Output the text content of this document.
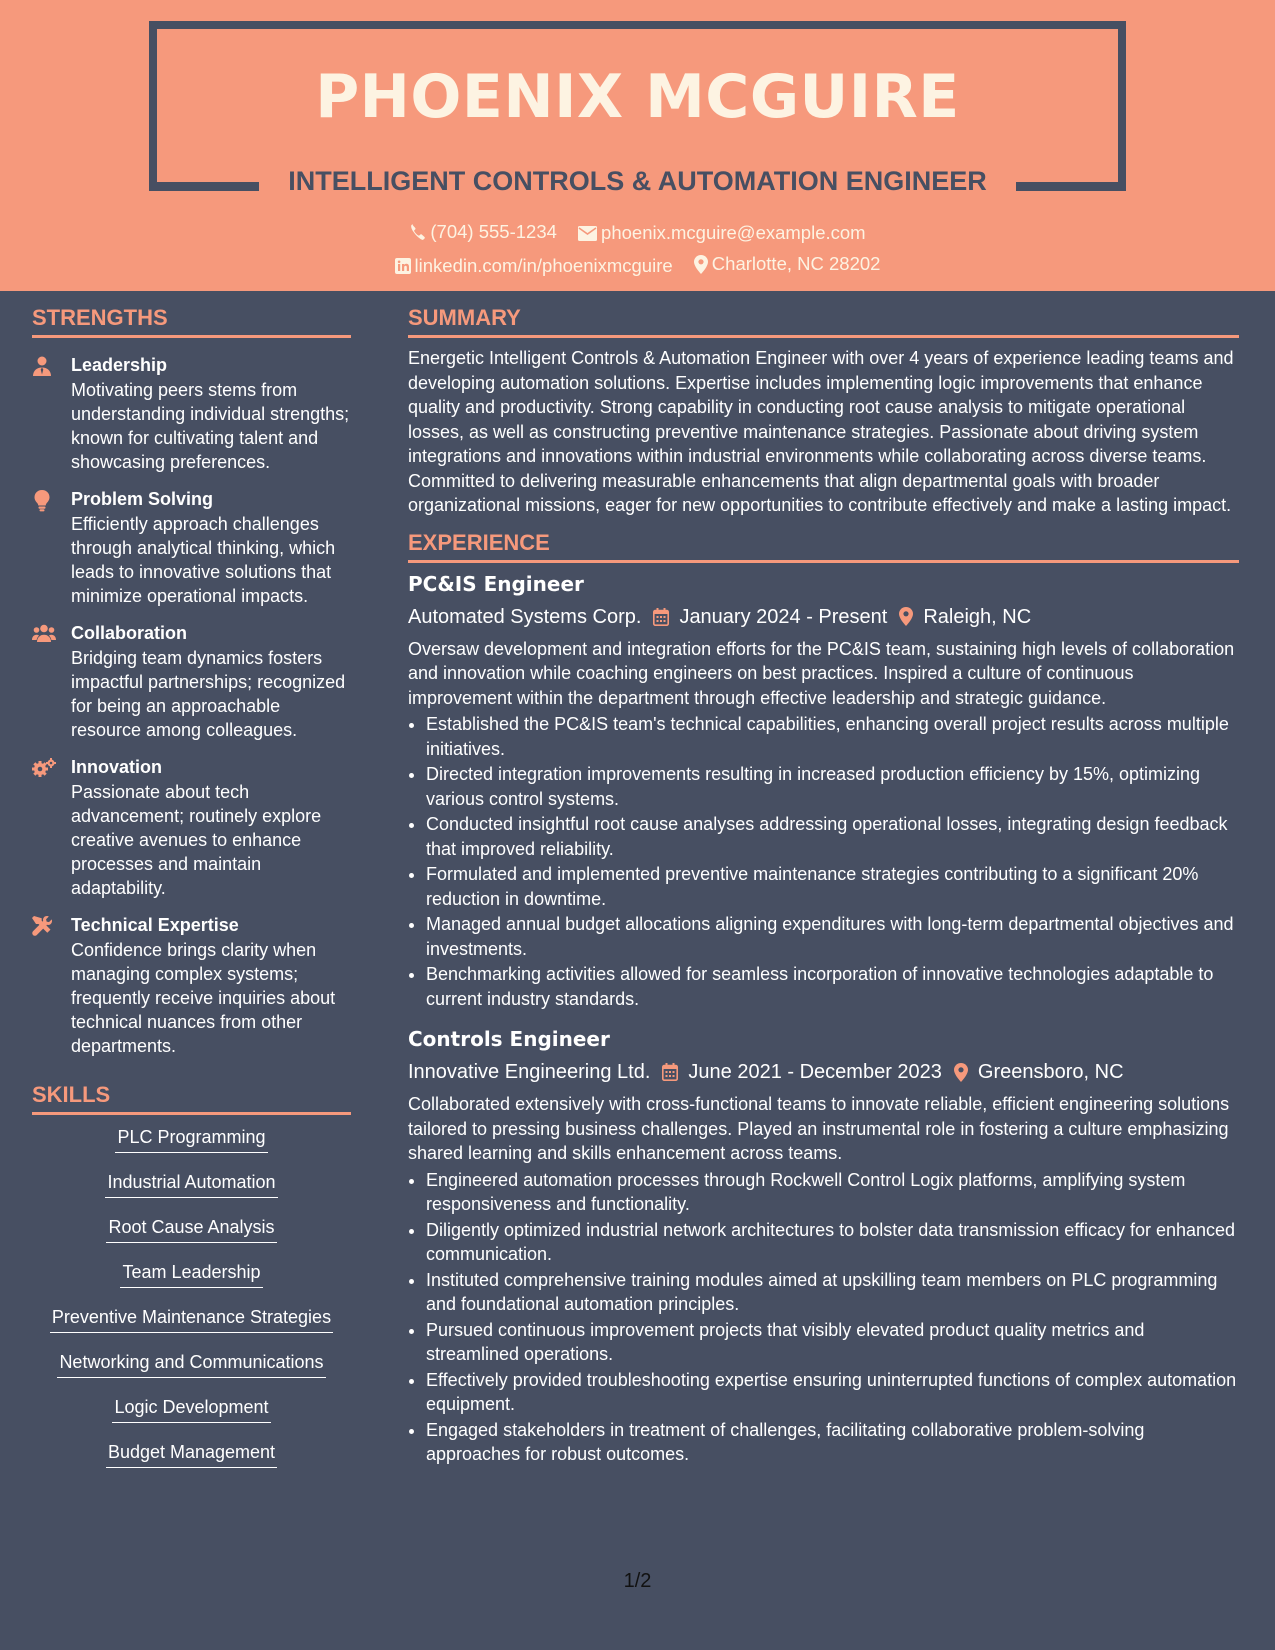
PHOENIX MCGUIRE
INTELLIGENT CONTROLS & AUTOMATION ENGINEER
(704) 555-1234
phoenix.mcguire@example.com
linkedin.com/in/phoenixmcguire
Charlotte, NC 28202
STRENGTHS
Leadership
Motivating peers stems from understanding individual strengths; known for cultivating talent and showcasing preferences.
Problem Solving
Efficiently approach challenges through analytical thinking, which leads to innovative solutions that minimize operational impacts.
Collaboration
Bridging team dynamics fosters impactful partnerships; recognized for being an approachable resource among colleagues.
Innovation
Passionate about tech advancement; routinely explore creative avenues to enhance processes and maintain adaptability.
Technical Expertise
Confidence brings clarity when managing complex systems; frequently receive inquiries about technical nuances from other departments.
SKILLS
PLC Programming
Industrial Automation
Root Cause Analysis
Team Leadership
Preventive Maintenance Strategies
Networking and Communications
Logic Development
Budget Management
SUMMARY

Energetic Intelligent Controls & Automation Engineer with over 4 years of experience leading teams and developing automation solutions. Expertise includes implementing logic improvements that enhance quality and productivity. Strong capability in conducting root cause analysis to mitigate operational losses, as well as constructing preventive maintenance strategies. Passionate about driving system integrations and innovations within industrial environments while collaborating across diverse teams. Committed to delivering measurable enhancements that align departmental goals with broader organizational missions, eager for new opportunities to contribute effectively and make a lasting impact.

EXPERIENCE
PC&IS Engineer
Automated Systems Corp. January 2024 - Present Raleigh, NC

Oversaw development and integration efforts for the PC&IS team, sustaining high levels of collaboration and innovation while coaching engineers on best practices. Inspired a culture of continuous improvement within the department through effective leadership and strategic guidance.

• Established the PC&IS team's technical capabilities, enhancing overall project results across multiple initiatives.
• Directed integration improvements resulting in increased production efficiency by 15%, optimizing various control systems.
• Conducted insightful root cause analyses addressing operational losses, integrating design feedback that improved reliability.
• Formulated and implemented preventive maintenance strategies contributing to a significant 20% reduction in downtime.
• Managed annual budget allocations aligning expenditures with long-term departmental objectives and investments.
• Benchmarking activities allowed for seamless incorporation of innovative technologies adaptable to current industry standards.
Controls Engineer
Innovative Engineering Ltd. June 2021 - December 2023 Greensboro, NC

Collaborated extensively with cross-functional teams to innovate reliable, efficient engineering solutions tailored to pressing business challenges. Played an instrumental role in fostering a culture emphasizing shared learning and skills enhancement across teams.

• Engineered automation processes through Rockwell Control Logix platforms, amplifying system responsiveness and functionality.
• Diligently optimized industrial network architectures to bolster data transmission efficacy for enhanced communication.
• Instituted comprehensive training modules aimed at upskilling team members on PLC programming and foundational automation principles.
• Pursued continuous improvement projects that visibly elevated product quality metrics and streamlined operations.
• Effectively provided troubleshooting expertise ensuring uninterrupted functions of complex automation equipment.
• Engaged stakeholders in treatment of challenges, facilitating collaborative problem-solving approaches for robust outcomes.
1/2
